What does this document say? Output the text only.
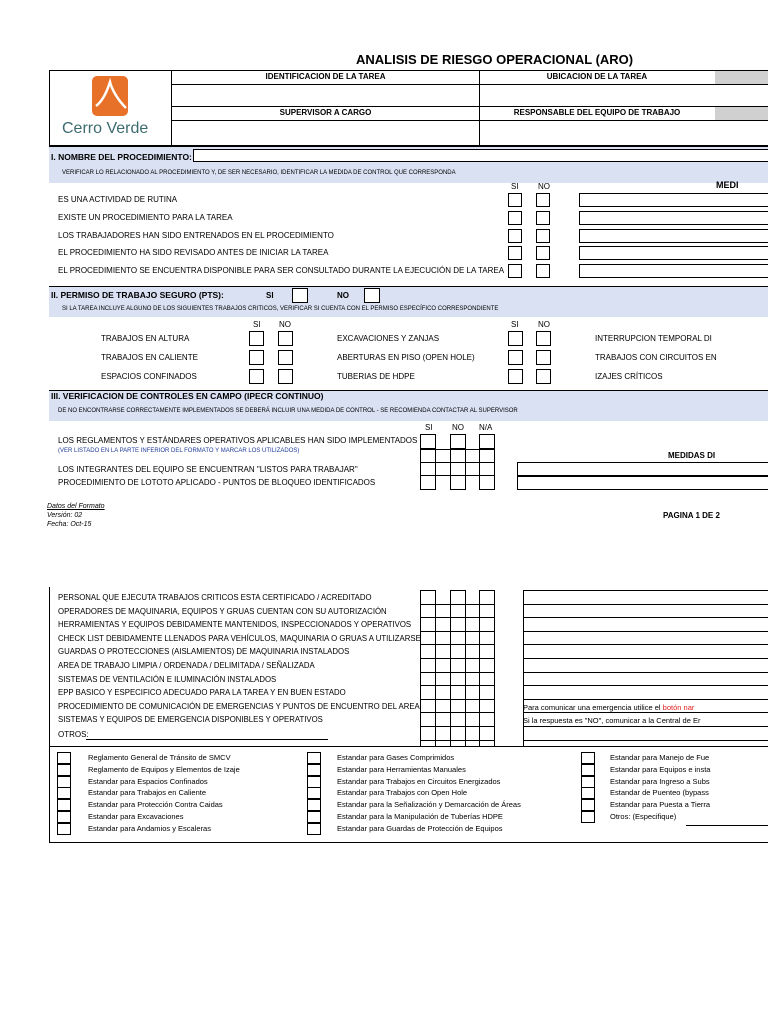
ANALISIS DE RIESGO OPERACIONAL (ARO)
IDENTIFICACION DE LA TAREA	UBICACION DE LA TAREA
SUPERVISOR A CARGO	RESPONSABLE DEL EQUIPO DE TRABAJO
Cerro Verde
I. NOMBRE DEL PROCEDIMIENTO:
VERIFICAR LO RELACIONADO AL PROCEDIMIENTO Y, DE SER NECESARIO, IDENTIFICAR LA MEDIDA DE CONTROL QUE CORRESPONDA
SI NO	MEDI
ES UNA ACTIVIDAD DE RUTINA
EXISTE UN PROCEDIMIENTO PARA LA TAREA
LOS TRABAJADORES HAN SIDO ENTRENADOS EN EL PROCEDIMIENTO
EL PROCEDIMIENTO HA SIDO REVISADO ANTES DE INICIAR LA TAREA
EL PROCEDIMIENTO SE ENCUENTRA DISPONIBLE PARA SER CONSULTADO DURANTE LA EJECUCIÓN DE LA TAREA
II. PERMISO DE TRABAJO SEGURO (PTS):	SI	NO
SI LA TAREA INCLUYE ALGUNO DE LOS SIGUIENTES TRABAJOS CRITICOS, VERIFICAR SI CUENTA CON EL PERMISO ESPECÍFICO CORRESPONDIENTE
SI NO	SI NO
TRABAJOS EN ALTURA	EXCAVACIONES Y ZANJAS	INTERRUPCION TEMPORAL DI
TRABAJOS EN CALIENTE	ABERTURAS EN PISO (OPEN HOLE)	TRABAJOS CON CIRCUITOS EN
ESPACIOS CONFINADOS	TUBERIAS DE HDPE	IZAJES CRÍTICOS
III. VERIFICACION DE CONTROLES EN CAMPO (IPECR CONTINUO)
DE NO ENCONTRARSE CORRECTAMENTE IMPLEMENTADOS SE DEBERÁ INCLUIR UNA MEDIDA DE CONTROL - SE RECOMIENDA CONTACTAR AL SUPERVISOR
SI NO N/A
MEDIDAS DI
LOS REGLAMENTOS Y ESTÁNDARES OPERATIVOS APLICABLES HAN SIDO IMPLEMENTADOS
(VER LISTADO EN LA PARTE INFERIOR DEL FORMATO Y MARCAR LOS UTILIZADOS)
LOS INTEGRANTES DEL EQUIPO SE ENCUENTRAN "LISTOS PARA TRABAJAR"
PROCEDIMIENTO DE LOTOTO APLICADO - PUNTOS DE BLOQUEO IDENTIFICADOS
Datos del Formato
Versión: 02
Fecha: Oct-15
PAGINA 1 DE 2
PERSONAL QUE EJECUTA TRABAJOS CRITICOS ESTA CERTIFICADO / ACREDITADO
OPERADORES DE MAQUINARIA, EQUIPOS Y GRUAS CUENTAN CON SU AUTORIZACIÓN
HERRAMIENTAS Y EQUIPOS DEBIDAMENTE MANTENIDOS, INSPECCIONADOS Y OPERATIVOS
CHECK LIST DEBIDAMENTE LLENADOS PARA VEHÍCULOS, MAQUINARIA O GRUAS A UTILIZARSE
GUARDAS O PROTECCIONES (AISLAMIENTOS) DE MAQUINARIA INSTALADOS
AREA DE TRABAJO LIMPIA / ORDENADA / DELIMITADA / SEÑALIZADA
SISTEMAS DE VENTILACIÓN E ILUMINACIÓN INSTALADOS
EPP BASICO Y ESPECIFICO ADECUADO PARA LA TAREA Y EN BUEN ESTADO
PROCEDIMIENTO DE COMUNICACIÓN DE EMERGENCIAS Y PUNTOS DE ENCUENTRO DEL AREA
SISTEMAS Y EQUIPOS DE EMERGENCIA DISPONIBLES Y OPERATIVOS
OTROS:
Para comunicar una emergencia utilice el botón nar
Si la respuesta es "NO", comunicar a la Central de Er
Reglamento General de Tránsito de SMCV
Reglamento de Equipos y Elementos de Izaje
Estandar para Espacios Confinados
Estandar para Trabajos en Caliente
Estandar para Protección Contra Caidas
Estandar para Excavaciones
Estandar para Andamios y Escaleras
Estandar para Gases Comprimidos
Estandar para Herramientas Manuales
Estandar para Trabajos en Circuitos Energizados
Estandar para Trabajos con Open Hole
Estandar para la Señalización y Demarcación de Áreas
Estandar para la Manipulación de Tuberías HDPE
Estandar para Guardas de Protección de Equipos
Estandar para Manejo de Fue
Estandar para Equipos e insta
Estandar para Ingreso a Subs
Estandar de Puenteo (bypass
Estandar para Puesta a Tierra
Otros: (Especifique)
